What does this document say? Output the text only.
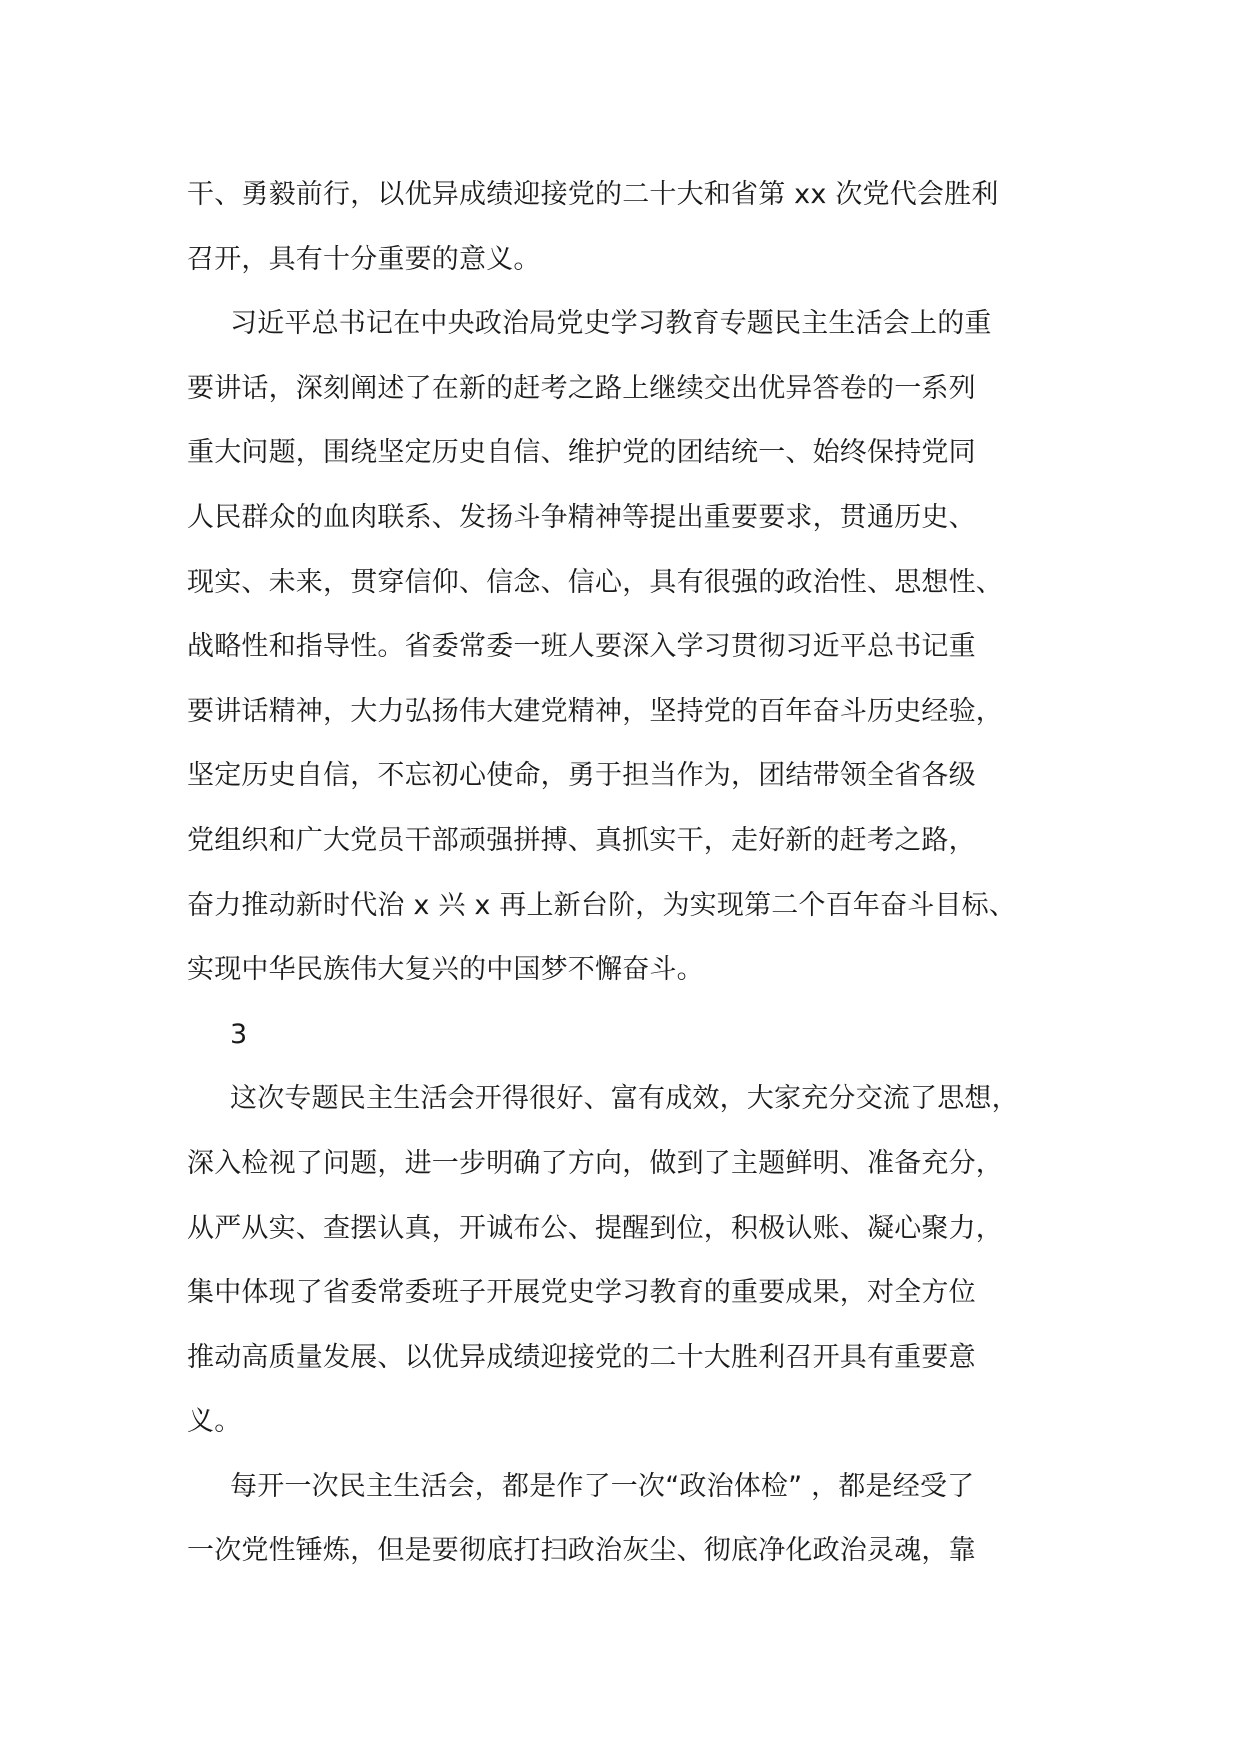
干、勇毅前行，以优异成绩迎接党的二十大和省第 xx 次党代会胜利
召开，具有十分重要的意义。
习近平总书记在中央政治局党史学习教育专题民主生活会上的重
要讲话，深刻阐述了在新的赶考之路上继续交出优异答卷的一系列
重大问题，围绕坚定历史自信、维护党的团结统一、始终保持党同
人民群众的血肉联系、发扬斗争精神等提出重要要求，贯通历史、
现实、未来，贯穿信仰、信念、信心，具有很强的政治性、思想性、
战略性和指导性。省委常委一班人要深入学习贯彻习近平总书记重
要讲话精神，大力弘扬伟大建党精神，坚持党的百年奋斗历史经验，
坚定历史自信，不忘初心使命，勇于担当作为，团结带领全省各级
党组织和广大党员干部顽强拼搏、真抓实干，走好新的赶考之路，
奋力推动新时代治 x 兴 x 再上新台阶，为实现第二个百年奋斗目标、
实现中华民族伟大复兴的中国梦不懈奋斗。
3
这次专题民主生活会开得很好、富有成效，大家充分交流了思想，
深入检视了问题，进一步明确了方向，做到了主题鲜明、准备充分，
从严从实、查摆认真，开诚布公、提醒到位，积极认账、凝心聚力，
集中体现了省委常委班子开展党史学习教育的重要成果，对全方位
推动高质量发展、以优异成绩迎接党的二十大胜利召开具有重要意
义。
每开一次民主生活会，都是作了一次“政治体检” ，都是经受了
一次党性锤炼，但是要彻底打扫政治灰尘、彻底净化政治灵魂，靠
